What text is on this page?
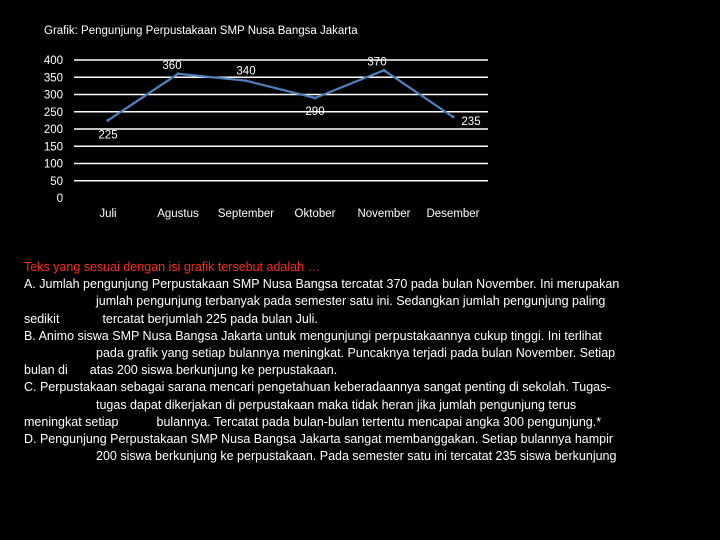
Grafik: Pengunjung Perpustakaan SMP Nusa Bangsa Jakarta
400
350
300
250
200
150
100
50
0
Juli	Agustus September Oktober November Desember
225
360	340
290
370
235
Teks yang sesuai dengan isi grafik tersebut adalah …
A. Jumlah pengunjung Perpustakaan SMP Nusa Bangsa tercatat 370 pada bulan November. Ini merupakan
jumlah pengunjung terbanyak pada semester satu ini. Sedangkan jumlah pengunjung paling
sedikit	tercatat berjumlah 225 pada bulan Juli.
B. Animo siswa SMP Nusa Bangsa Jakarta untuk mengunjungi perpustakaannya cukup tinggi. Ini terlihat
pada grafik yang setiap bulannya meningkat. Puncaknya terjadi pada bulan November. Setiap
bulan di atas 200 siswa berkunjung ke perpustakaan.
C. Perpustakaan sebagai sarana mencari pengetahuan keberadaannya sangat penting di sekolah. Tugas-
tugas dapat dikerjakan di perpustakaan maka tidak heran jika jumlah pengunjung terus
meningkat setiap	bulannya. Tercatat pada bulan-bulan tertentu mencapai angka 300 pengunjung.*
D. Pengunjung Perpustakaan SMP Nusa Bangsa Jakarta sangat membanggakan. Setiap bulannya hampir
200 siswa berkunjung ke perpustakaan. Pada semester satu ini tercatat 235 siswa berkunjung
